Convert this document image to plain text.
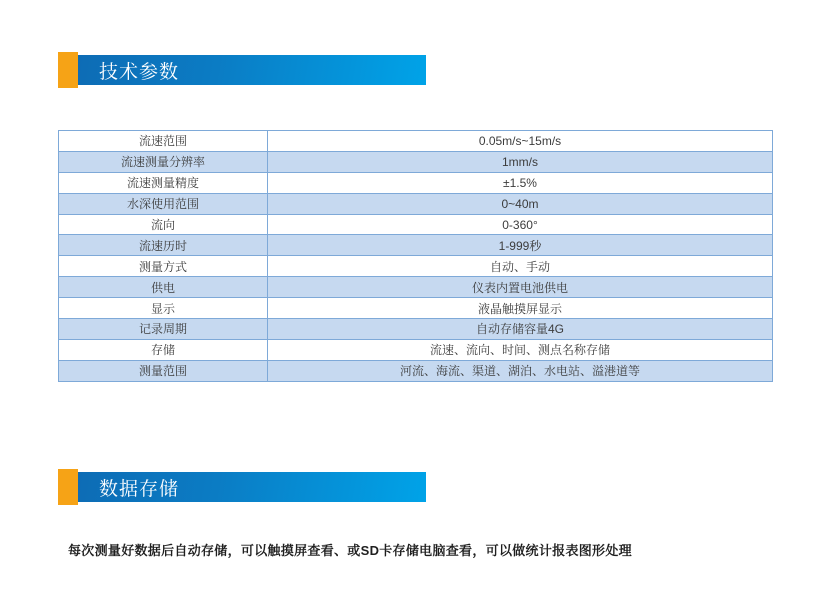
技术参数
流速范围	0.05m/s~15m/s
流速测量分辨率	1mm/s
流速测量精度	±1.5%
水深使用范围	0~40m
流向	0-360°
流速历时	1-999秒
测量方式	自动、手动
供电	仪表内置电池供电
显示	液晶触摸屏显示
记录周期	自动存储容量4G
存储	流速、流向、时间、测点名称存储
测量范围	河流、海流、渠道、湖泊、水电站、溢港道等
数据存储
每次测量好数据后自动存储，可以触摸屏查看、或SD卡存储电脑查看，可以做统计报表图形处理
